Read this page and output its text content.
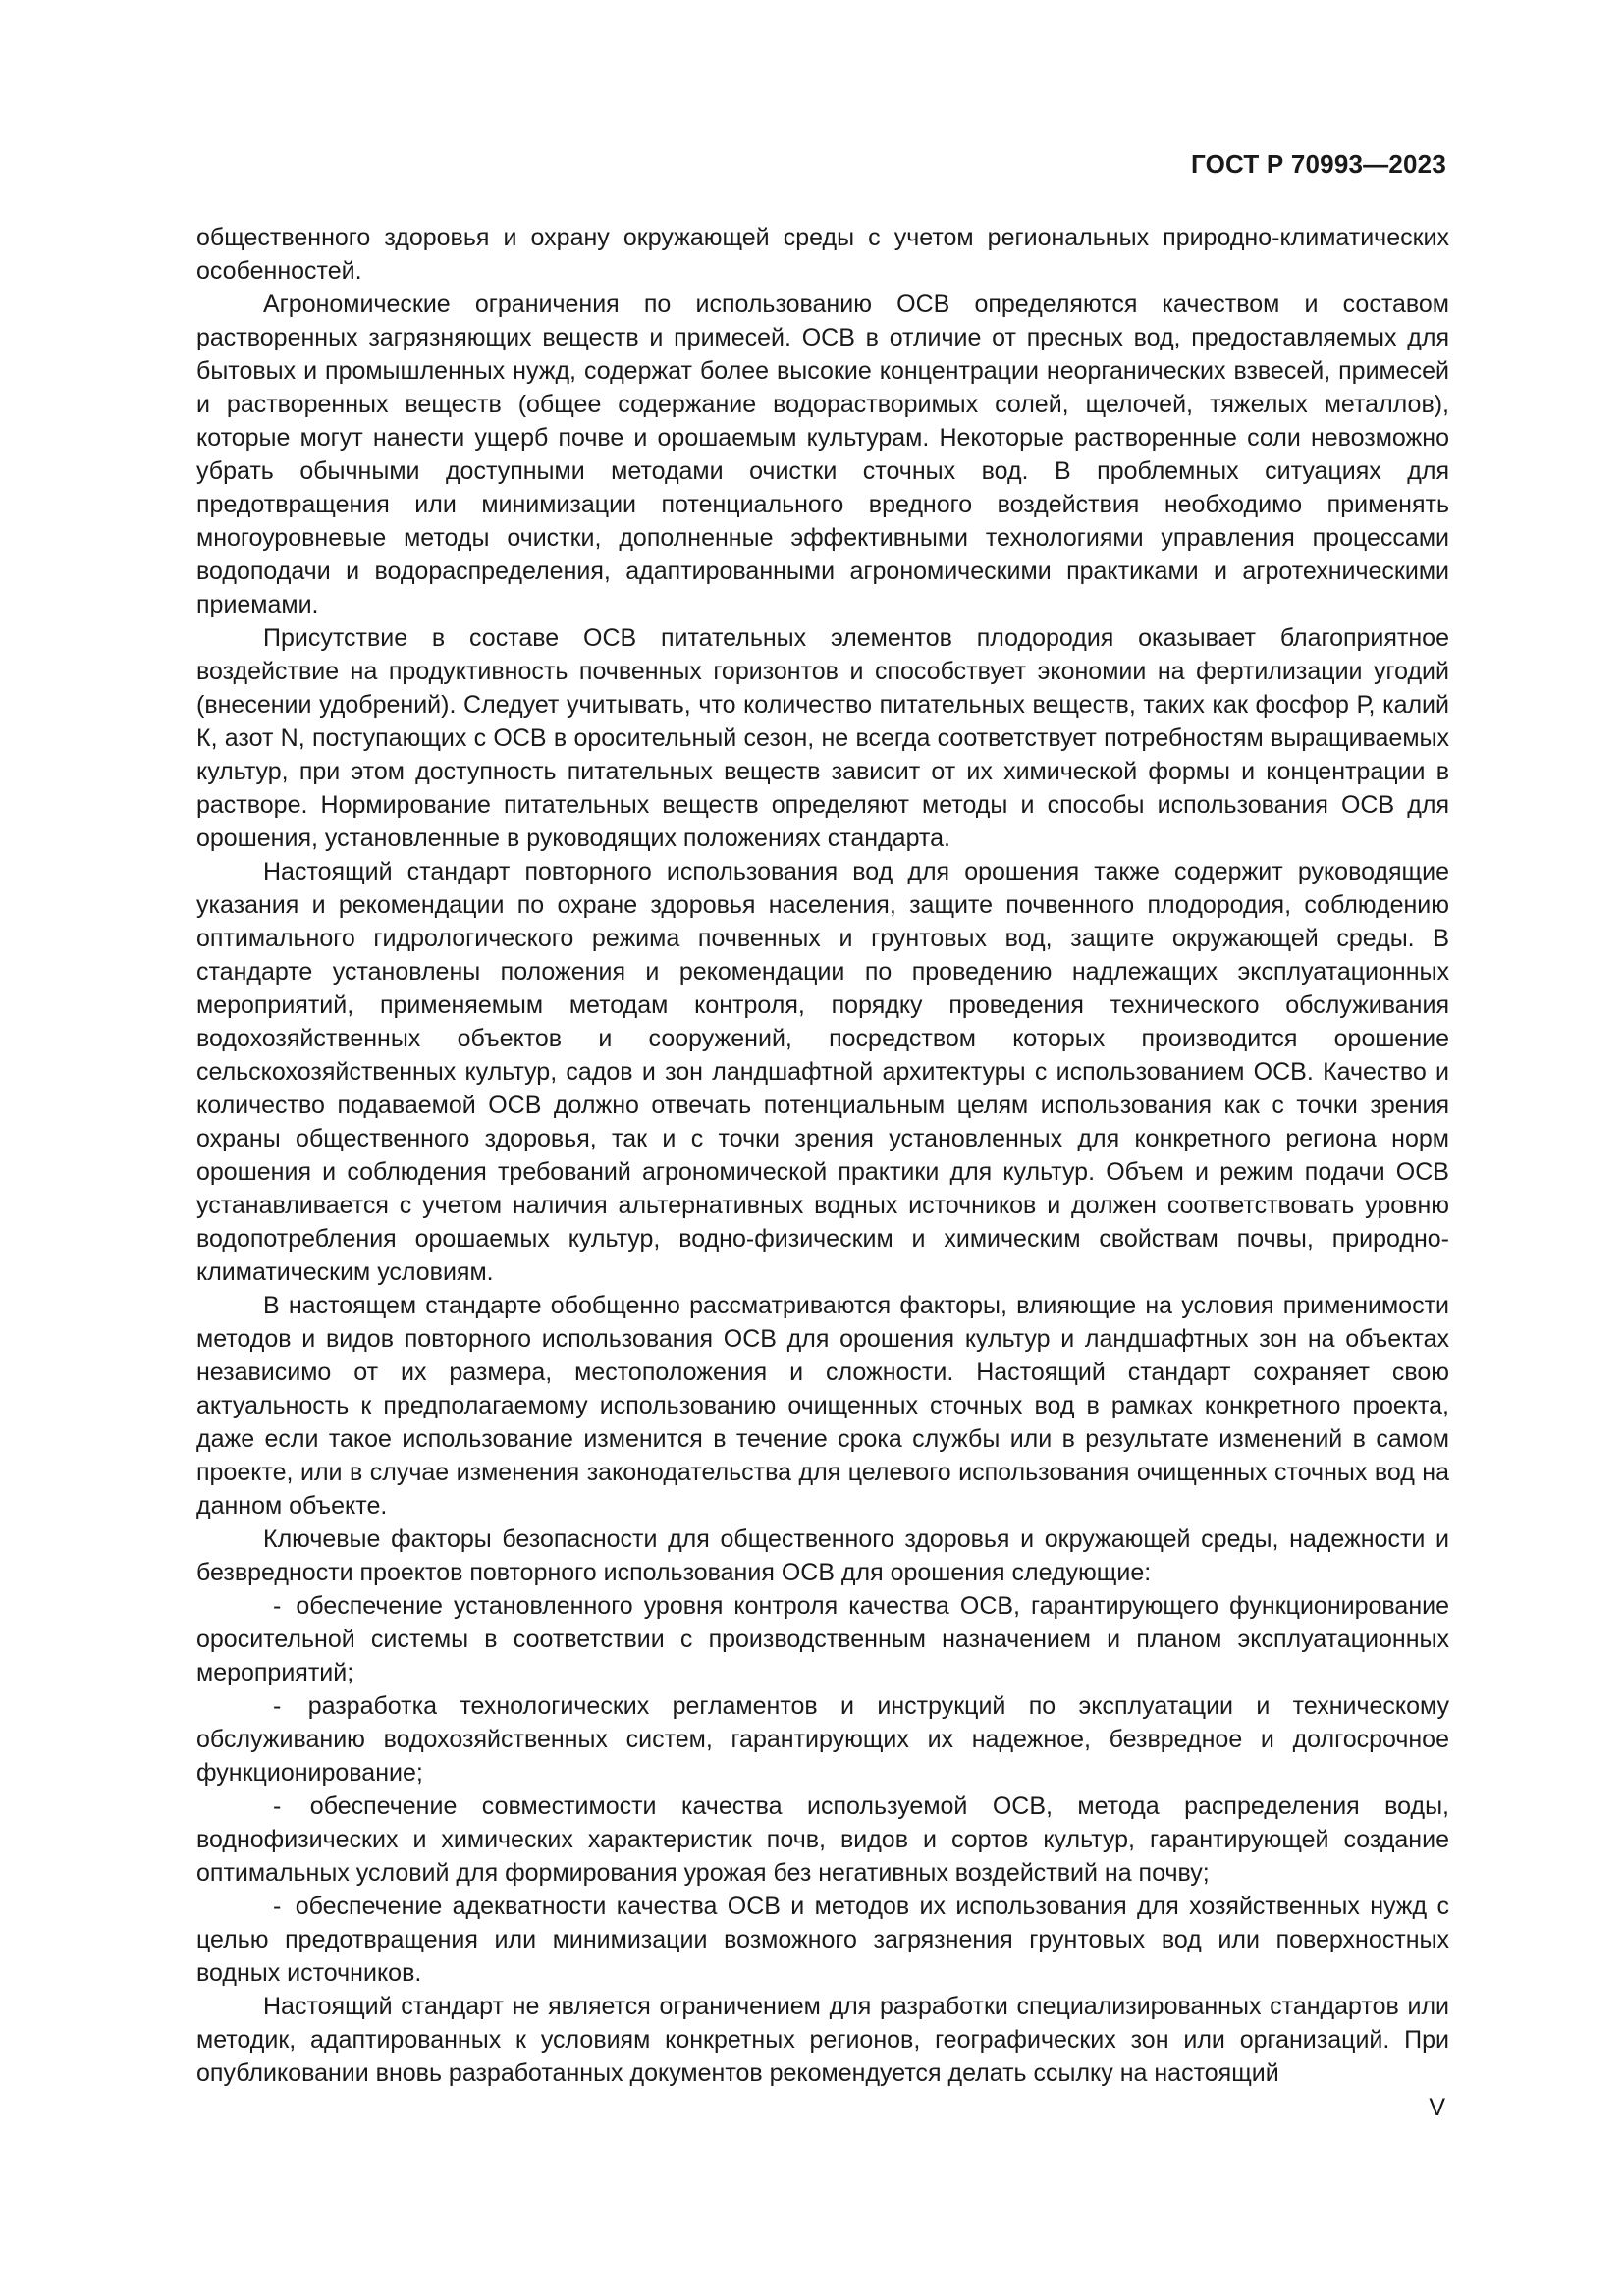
ГОСТ Р 70993—2023

общественного здоровья и охрану окружающей среды с учетом региональных природно-климатических особенностей.

Агрономические ограничения по использованию ОСВ определяются качеством и составом растворенных загрязняющих веществ и примесей. ОСВ в отличие от пресных вод, предоставляемых для бытовых и промышленных нужд, содержат более высокие концентрации неорганических взвесей, примесей и растворенных веществ (общее содержание водорастворимых солей, щелочей, тяжелых металлов), которые могут нанести ущерб почве и орошаемым культурам. Некоторые растворенные соли невозможно убрать обычными доступными методами очистки сточных вод. В проблемных ситуациях для предотвращения или минимизации потенциального вредного воздействия необходимо применять многоуровневые методы очистки, дополненные эффективными технологиями управления процессами водоподачи и водораспределения, адаптированными агрономическими практиками и агротехническими приемами.

Присутствие в составе ОСВ питательных элементов плодородия оказывает благоприятное воздействие на продуктивность почвенных горизонтов и способствует экономии на фертилизации угодий (внесении удобрений). Следует учитывать, что количество питательных веществ, таких как фосфор Р, калий К, азот N, поступающих с ОСВ в оросительный сезон, не всегда соответствует потребностям выращиваемых культур, при этом доступность питательных веществ зависит от их химической формы и концентрации в растворе. Нормирование питательных веществ определяют методы и способы использования ОСВ для орошения, установленные в руководящих положениях стандарта.

Настоящий стандарт повторного использования вод для орошения также содержит руководящие указания и рекомендации по охране здоровья населения, защите почвенного плодородия, соблюдению оптимального гидрологического режима почвенных и грунтовых вод, защите окружающей среды. В стандарте установлены положения и рекомендации по проведению надлежащих эксплуатационных мероприятий, применяемым методам контроля, порядку проведения технического обслуживания водохозяйственных объектов и сооружений, посредством которых производится орошение сельскохозяйственных культур, садов и зон ландшафтной архитектуры с использованием ОСВ. Качество и количество подаваемой ОСВ должно отвечать потенциальным целям использования как с точки зрения охраны общественного здоровья, так и с точки зрения установленных для конкретного региона норм орошения и соблюдения требований агрономической практики для культур. Объем и режим подачи ОСВ устанавливается с учетом наличия альтернативных водных источников и должен соответствовать уровню водопотребления орошаемых культур, водно-физическим и химическим свойствам почвы, природно-климатическим условиям.

В настоящем стандарте обобщенно рассматриваются факторы, влияющие на условия применимости методов и видов повторного использования ОСВ для орошения культур и ландшафтных зон на объектах независимо от их размера, местоположения и сложности. Настоящий стандарт сохраняет свою актуальность к предполагаемому использованию очищенных сточных вод в рамках конкретного проекта, даже если такое использование изменится в течение срока службы или в результате изменений в самом проекте, или в случае изменения законодательства для целевого использования очищенных сточных вод на данном объекте.

Ключевые факторы безопасности для общественного здоровья и окружающей среды, надежности и безвредности проектов повторного использования ОСВ для орошения следующие:

- обеспечение установленного уровня контроля качества ОСВ, гарантирующего функционирование оросительной системы в соответствии с производственным назначением и планом эксплуатационных мероприятий;
- разработка технологических регламентов и инструкций по эксплуатации и техническому обслуживанию водохозяйственных систем, гарантирующих их надежное, безвредное и долгосрочное функционирование;
- обеспечение совместимости качества используемой ОСВ, метода распределения воды, воднофизических и химических характеристик почв, видов и сортов культур, гарантирующей создание оптимальных условий для формирования урожая без негативных воздействий на почву;
- обеспечение адекватности качества ОСВ и методов их использования для хозяйственных нужд с целью предотвращения или минимизации возможного загрязнения грунтовых вод или поверхностных водных источников.

Настоящий стандарт не является ограничением для разработки специализированных стандартов или методик, адаптированных к условиям конкретных регионов, географических зон или организаций. При опубликовании вновь разработанных документов рекомендуется делать ссылку на настоящий

V
